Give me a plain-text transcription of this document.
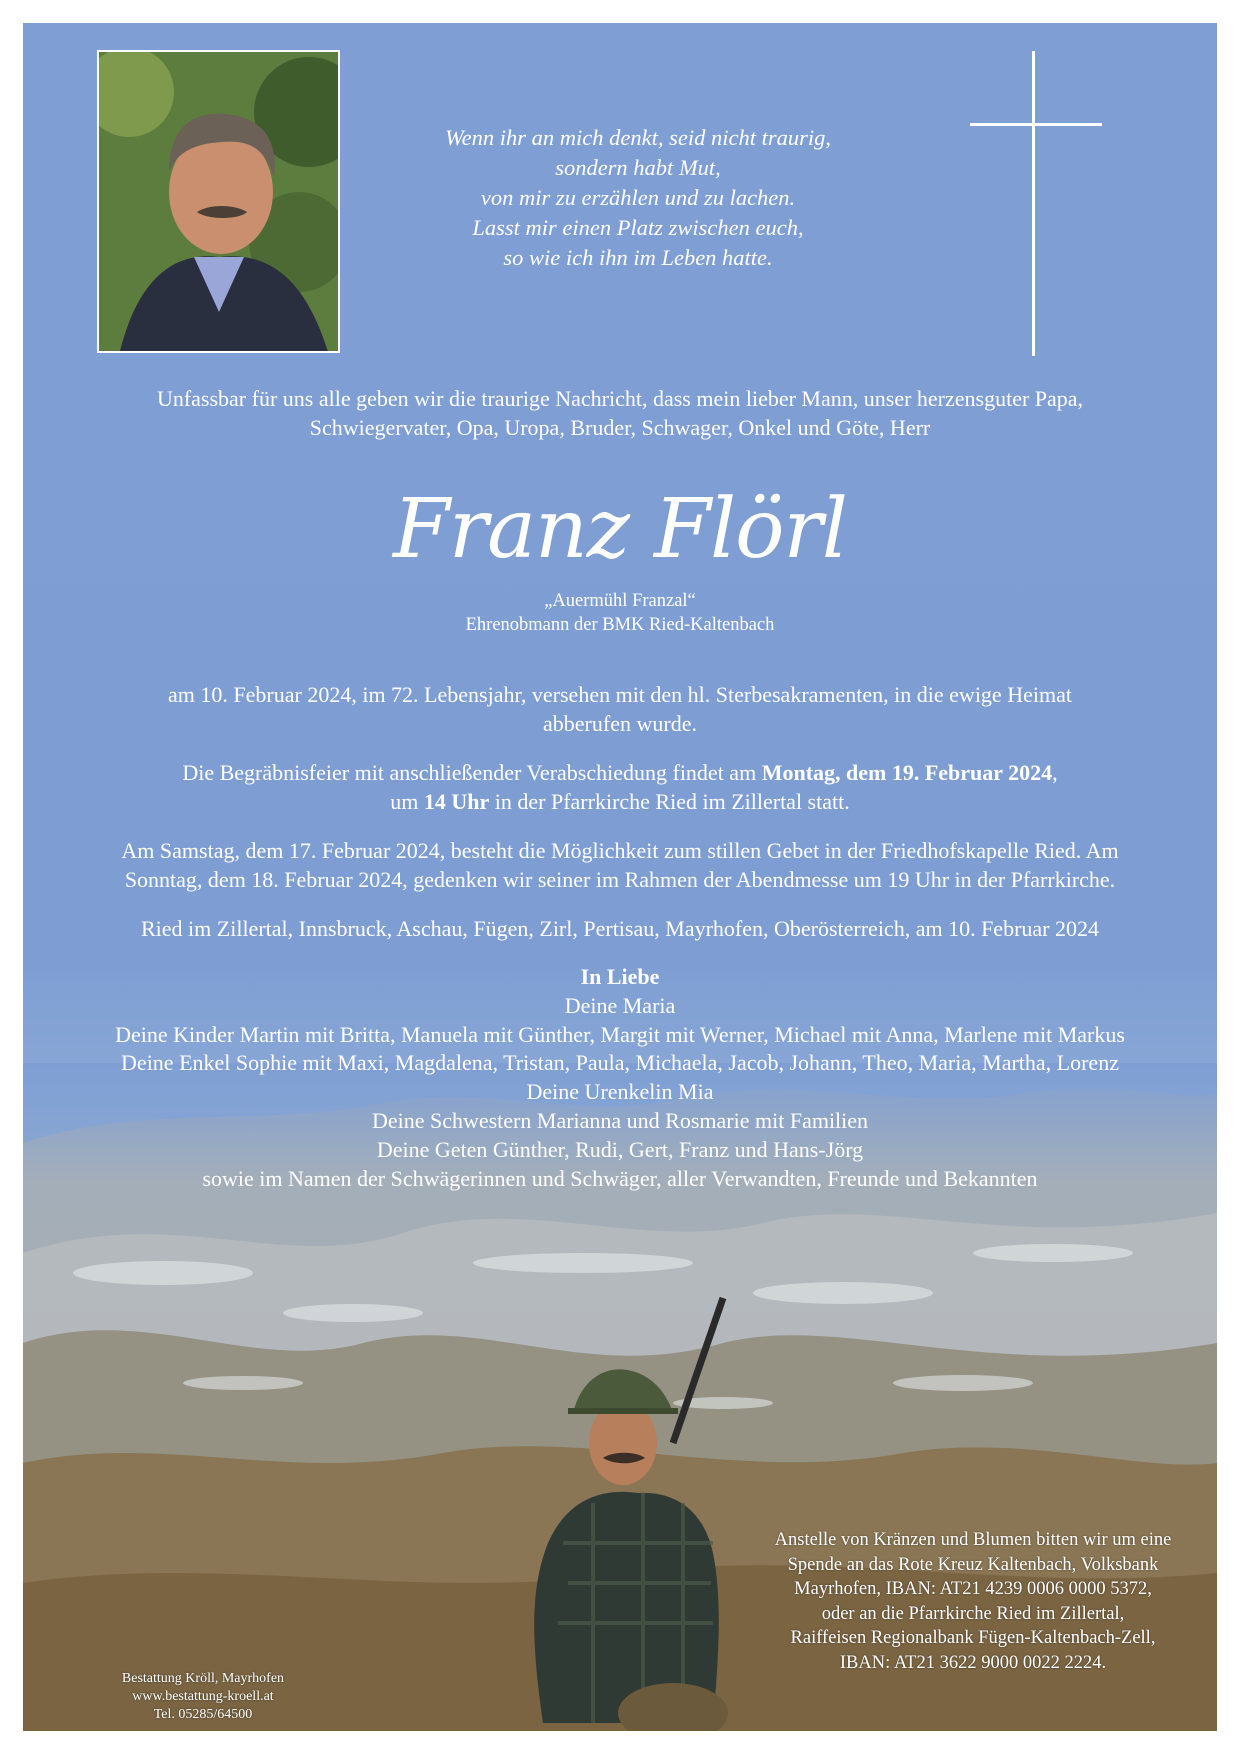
Wenn ihr an mich denkt, seid nicht traurig,
sondern habt Mut,
von mir zu erzählen und zu lachen.
Lasst mir einen Platz zwischen euch,
so wie ich ihn im Leben hatte.
Unfassbar für uns alle geben wir die traurige Nachricht, dass mein lieber Mann, unser herzensguter Papa,
Schwiegervater, Opa, Uropa, Bruder, Schwager, Onkel und Göte, Herr
Franz Flörl
„Auermühl Franzal“
Ehrenobmann der BMK Ried-Kaltenbach
am 10. Februar 2024, im 72. Lebensjahr, versehen mit den hl. Sterbesakramenten, in die ewige Heimat
abberufen wurde.
Die Begräbnisfeier mit anschließender Verabschiedung findet am Montag, dem 19. Februar 2024,
um 14 Uhr in der Pfarrkirche Ried im Zillertal statt.
Am Samstag, dem 17. Februar 2024, besteht die Möglichkeit zum stillen Gebet in der Friedhofskapelle Ried. Am
Sonntag, dem 18. Februar 2024, gedenken wir seiner im Rahmen der Abendmesse um 19 Uhr in der Pfarrkirche.
Ried im Zillertal, Innsbruck, Aschau, Fügen, Zirl, Pertisau, Mayrhofen, Oberösterreich, am 10. Februar 2024
In Liebe
Deine Maria
Deine Kinder Martin mit Britta, Manuela mit Günther, Margit mit Werner, Michael mit Anna, Marlene mit Markus
Deine Enkel Sophie mit Maxi, Magdalena, Tristan, Paula, Michaela, Jacob, Johann, Theo, Maria, Martha, Lorenz
Deine Urenkelin Mia
Deine Schwestern Marianna und Rosmarie mit Familien
Deine Geten Günther, Rudi, Gert, Franz und Hans-Jörg
sowie im Namen der Schwägerinnen und Schwäger, aller Verwandten, Freunde und Bekannten
Anstelle von Kränzen und Blumen bitten wir um eine
Spende an das Rote Kreuz Kaltenbach, Volksbank
Mayrhofen, IBAN: AT21 4239 0006 0000 5372,
oder an die Pfarrkirche Ried im Zillertal,
Raiffeisen Regionalbank Fügen-Kaltenbach-Zell,
IBAN: AT21 3622 9000 0022 2224.
Bestattung Kröll, Mayrhofen
www.bestattung-kroell.at
Tel. 05285/64500
